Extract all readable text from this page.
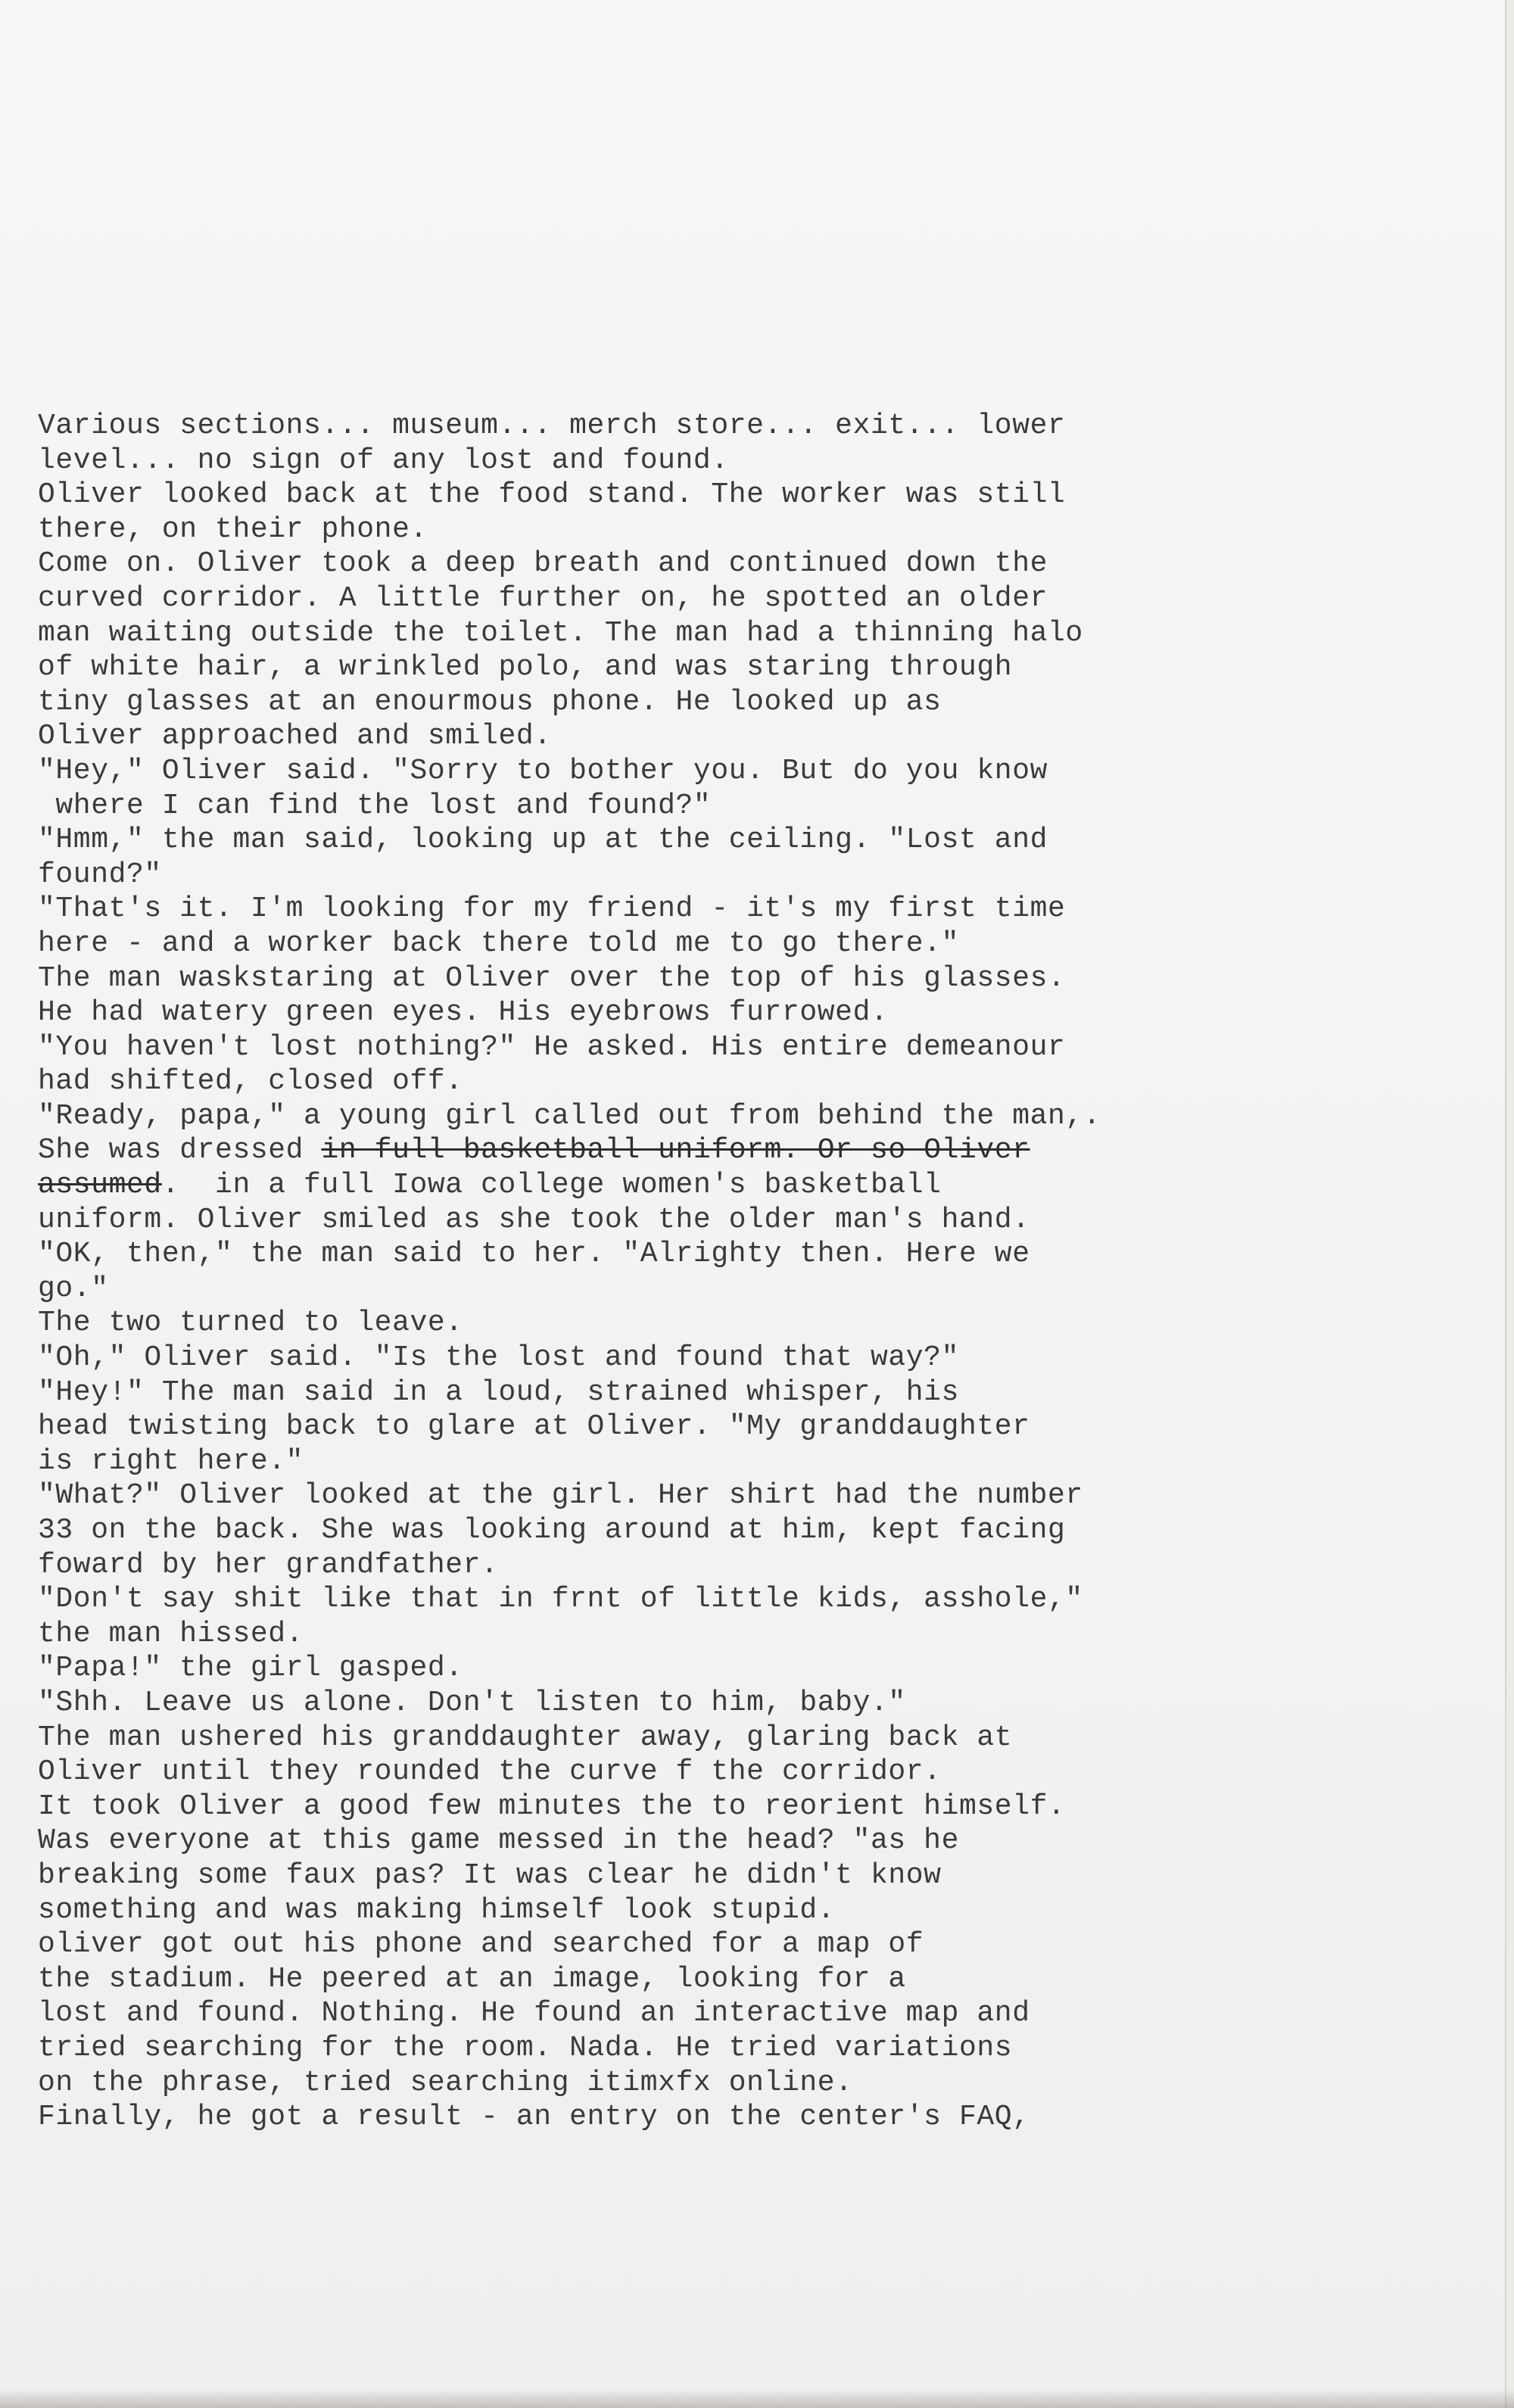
Various sections... museum... merch store... exit... lower
level... no sign of any lost and found.
Oliver looked back at the food stand. The worker was still
there, on their phone.
Come on. Oliver took a deep breath and continued down the
curved corridor. A little further on, he spotted an older
man waiting outside the toilet. The man had a thinning halo
of white hair, a wrinkled polo, and was staring through
tiny glasses at an enourmous phone. He looked up as
Oliver approached and smiled.
"Hey," Oliver said. "Sorry to bother you. But do you know
where I can find the lost and found?"
"Hmm," the man said, looking up at the ceiling. "Lost and
found?"
"That's it. I'm looking for my friend - it's my first time
here - and a worker back there told me to go there."
The man waskstaring at Oliver over the top of his glasses.
He had watery green eyes. His eyebrows furrowed.
"You haven't lost nothing?" He asked. His entire demeanour
had shifted, closed off.
"Ready, papa," a young girl called out from behind the man,.
She was dressed in full basketball uniform. Or so Oliver
assumed.  in a full Iowa college women's basketball
uniform. Oliver smiled as she took the older man's hand.
"OK, then," the man said to her. "Alrighty then. Here we
go."
The two turned to leave.
"Oh," Oliver said. "Is the lost and found that way?"
"Hey!" The man said in a loud, strained whisper, his
head twisting back to glare at Oliver. "My granddaughter
is right here."
"What?" Oliver looked at the girl. Her shirt had the number
33 on the back. She was looking around at him, kept facing
foward by her grandfather.
"Don't say shit like that in frnt of little kids, asshole,"
the man hissed.
"Papa!" the girl gasped.
"Shh. Leave us alone. Don't listen to him, baby."
The man ushered his granddaughter away, glaring back at
Oliver until they rounded the curve f the corridor.
It took Oliver a good few minutes the to reorient himself.
Was everyone at this game messed in the head? "as he
breaking some faux pas? It was clear he didn't know
something and was making himself look stupid.
oliver got out his phone and searched for a map of
the stadium. He peered at an image, looking for a
lost and found. Nothing. He found an interactive map and
tried searching for the room. Nada. He tried variations
on the phrase, tried searching itimxfx online.
Finally, he got a result - an entry on the center's FAQ,
